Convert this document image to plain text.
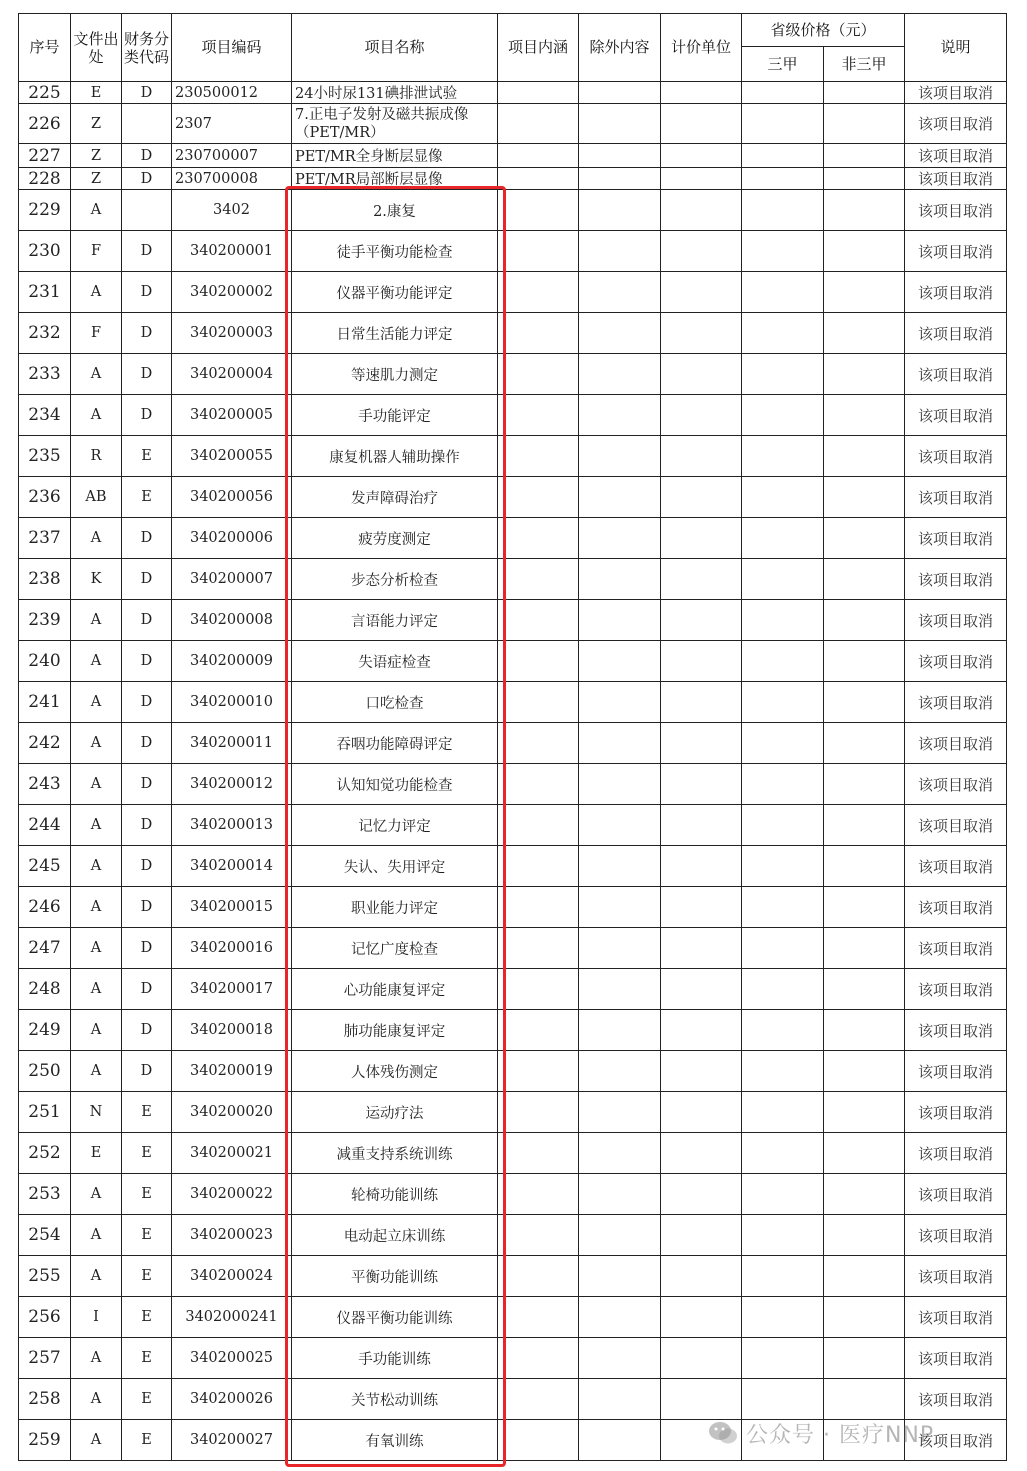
序号	文件出处	财务分类代码	项目编码	项目名称	项目内涵	除外内容	计价单位	省级价格（元）		说明
								三甲	非三甲	
225	E	D	230500012	24小时尿131碘排泄试验						该项目取消
226	Z		2307	7.正电子发射及磁共振成像（PET/MR）						该项目取消
227	Z	D	230700007	PET/MR全身断层显像						该项目取消
228	Z	D	230700008	PET/MR局部断层显像						该项目取消
229	A		3402	2.康复						该项目取消
230	F	D	340200001	徒手平衡功能检查						该项目取消
231	A	D	340200002	仪器平衡功能评定						该项目取消
232	F	D	340200003	日常生活能力评定						该项目取消
233	A	D	340200004	等速肌力测定						该项目取消
234	A	D	340200005	手功能评定						该项目取消
235	R	E	340200055	康复机器人辅助操作						该项目取消
236	AB	E	340200056	发声障碍治疗						该项目取消
237	A	D	340200006	疲劳度测定						该项目取消
238	K	D	340200007	步态分析检查						该项目取消
239	A	D	340200008	言语能力评定						该项目取消
240	A	D	340200009	失语症检查						该项目取消
241	A	D	340200010	口吃检查						该项目取消
242	A	D	340200011	吞咽功能障碍评定						该项目取消
243	A	D	340200012	认知知觉功能检查						该项目取消
244	A	D	340200013	记忆力评定						该项目取消
245	A	D	340200014	失认、失用评定						该项目取消
246	A	D	340200015	职业能力评定						该项目取消
247	A	D	340200016	记忆广度检查						该项目取消
248	A	D	340200017	心功能康复评定						该项目取消
249	A	D	340200018	肺功能康复评定						该项目取消
250	A	D	340200019	人体残伤测定						该项目取消
251	N	E	340200020	运动疗法						该项目取消
252	E	E	340200021	减重支持系统训练						该项目取消
253	A	E	340200022	轮椅功能训练						该项目取消
254	A	E	340200023	电动起立床训练						该项目取消
255	A	E	340200024	平衡功能训练						该项目取消
256	I	E	3402000241	仪器平衡功能训练						该项目取消
257	A	E	340200025	手功能训练						该项目取消
258	A	E	340200026	关节松动训练						该项目取消
259	A	E	340200027	有氧训练						该项目取消
公众号 · 医疗NNP
